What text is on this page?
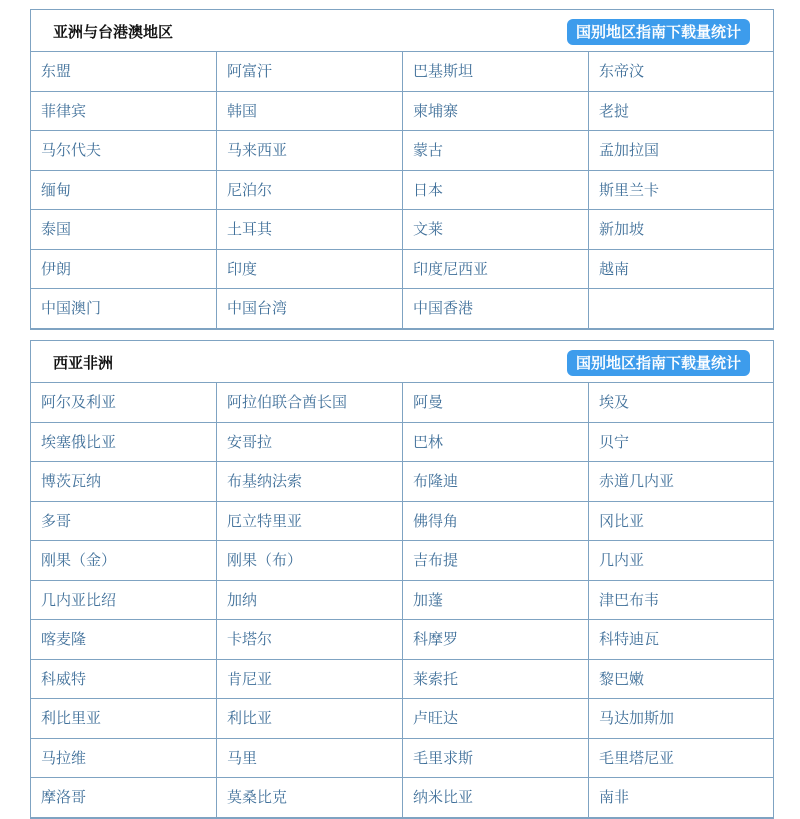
亚洲与台港澳地区	国别地区指南下载量统计
东盟	阿富汗	巴基斯坦	东帝汶
菲律宾	韩国	柬埔寨	老挝
马尔代夫	马来西亚	蒙古	孟加拉国
缅甸	尼泊尔	日本	斯里兰卡
泰国	土耳其	文莱	新加坡
伊朗	印度	印度尼西亚	越南
中国澳门	中国台湾	中国香港
西亚非洲	国别地区指南下载量统计
阿尔及利亚	阿拉伯联合酋长国	阿曼	埃及
埃塞俄比亚	安哥拉	巴林	贝宁
博茨瓦纳	布基纳法索	布隆迪	赤道几内亚
多哥	厄立特里亚	佛得角	冈比亚
刚果（金）	刚果（布）	吉布提	几内亚
几内亚比绍	加纳	加蓬	津巴布韦
喀麦隆	卡塔尔	科摩罗	科特迪瓦
科威特	肯尼亚	莱索托	黎巴嫩
利比里亚	利比亚	卢旺达	马达加斯加
马拉维	马里	毛里求斯	毛里塔尼亚
摩洛哥	莫桑比克	纳米比亚	南非
